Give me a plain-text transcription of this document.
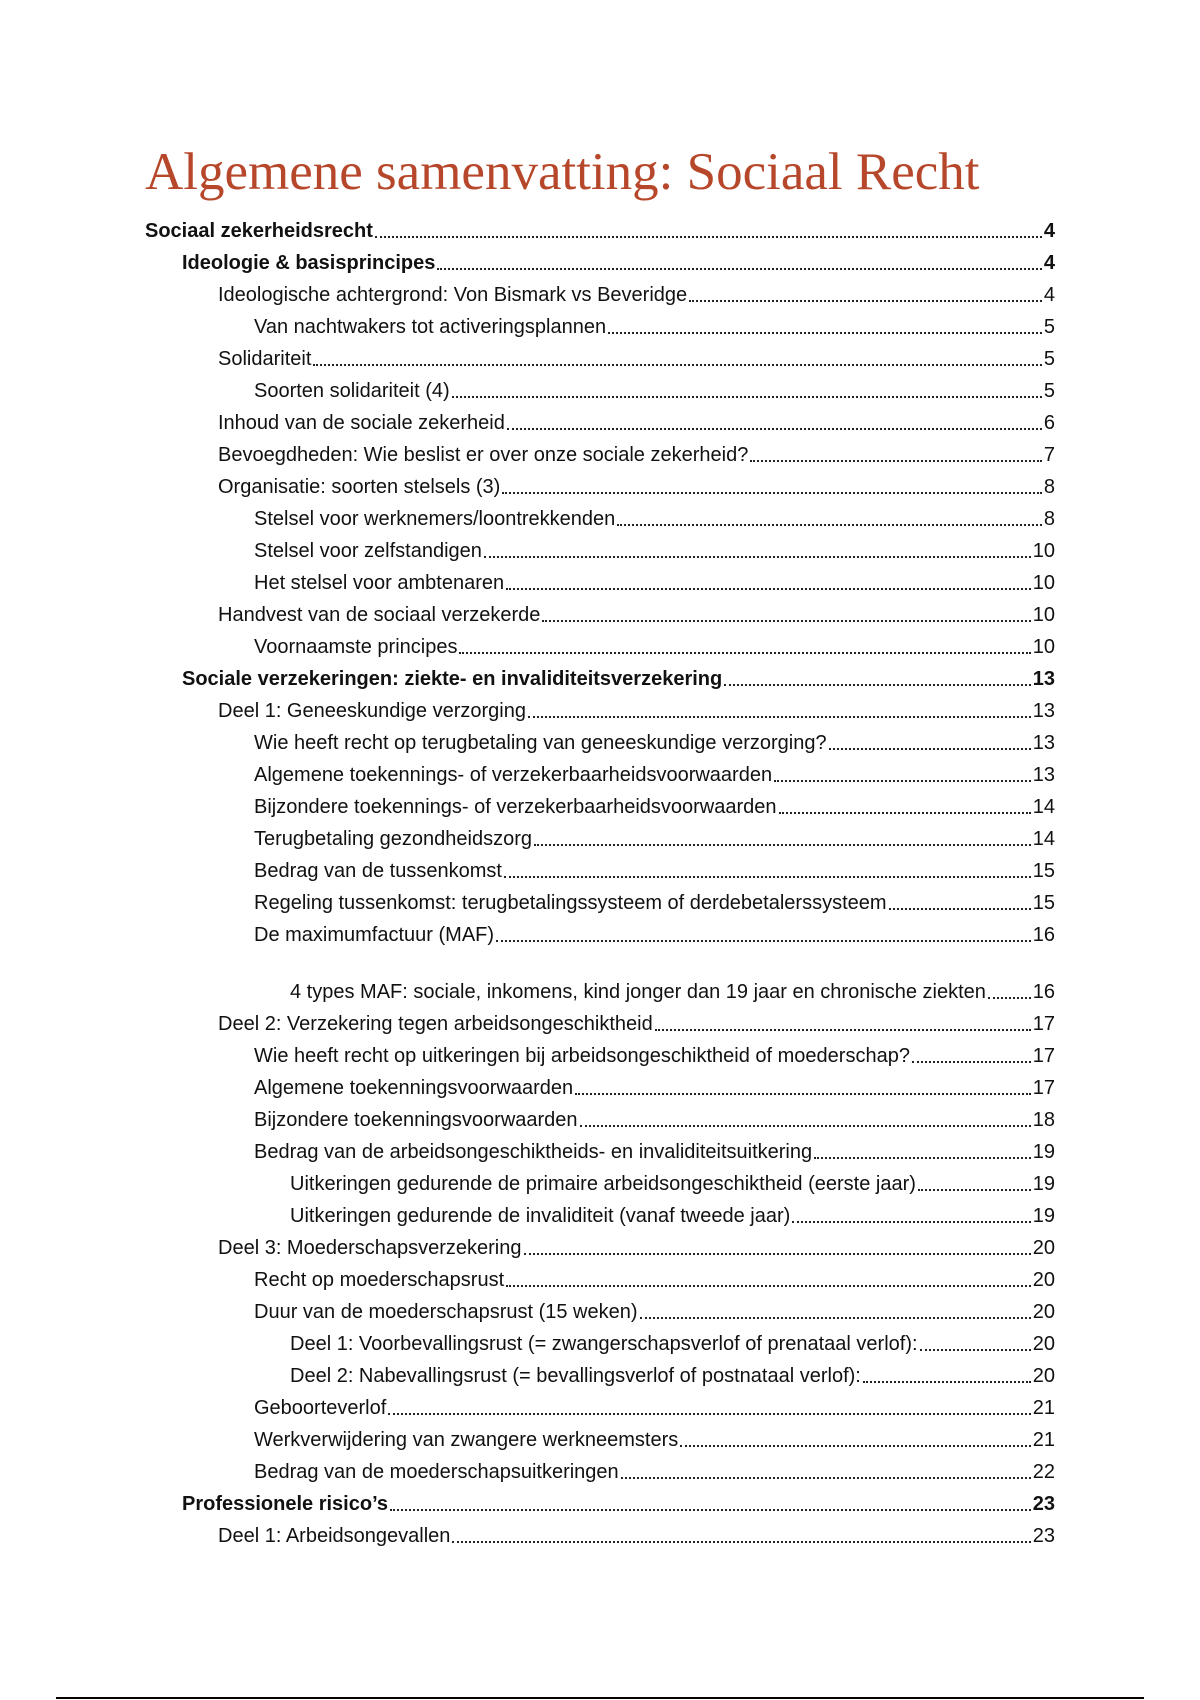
Algemene samenvatting: Sociaal Recht
Sociaal zekerheidsrecht	4
Ideologie & basisprincipes	4
Ideologische achtergrond: Von Bismark vs Beveridge	4
Van nachtwakers tot activeringsplannen	5
Solidariteit	5
Soorten solidariteit (4)	5
Inhoud van de sociale zekerheid	6
Bevoegdheden: Wie beslist er over onze sociale zekerheid?	7
Organisatie: soorten stelsels (3)	8
Stelsel voor werknemers/loontrekkenden	8
Stelsel voor zelfstandigen	10
Het stelsel voor ambtenaren	10
Handvest van de sociaal verzekerde	10
Voornaamste principes	10
Sociale verzekeringen: ziekte- en invaliditeitsverzekering	13
Deel 1: Geneeskundige verzorging	13
Wie heeft recht op terugbetaling van geneeskundige verzorging?	13
Algemene toekennings- of verzekerbaarheidsvoorwaarden	13
Bijzondere toekennings- of verzekerbaarheidsvoorwaarden	14
Terugbetaling gezondheidszorg	14
Bedrag van de tussenkomst	15
Regeling tussenkomst: terugbetalingssysteem of derdebetalerssysteem	15
De maximumfactuur (MAF)	16
4 types MAF: sociale, inkomens, kind jonger dan 19 jaar en chronische ziekten 16
Deel 2: Verzekering tegen arbeidsongeschiktheid	17
Wie heeft recht op uitkeringen bij arbeidsongeschiktheid of moederschap?	17
Algemene toekenningsvoorwaarden	17
Bijzondere toekenningsvoorwaarden	18
Bedrag van de arbeidsongeschiktheids- en invaliditeitsuitkering	19
Uitkeringen gedurende de primaire arbeidsongeschiktheid (eerste jaar)	19
Uitkeringen gedurende de invaliditeit (vanaf tweede jaar)	19
Deel 3: Moederschapsverzekering	20
Recht op moederschapsrust	20
Duur van de moederschapsrust (15 weken)	20
Deel 1: Voorbevallingsrust (= zwangerschapsverlof of prenataal verlof):	20
Deel 2: Nabevallingsrust (= bevallingsverlof of postnataal verlof):	20
Geboorteverlof	21
Werkverwijdering van zwangere werkneemsters	21
Bedrag van de moederschapsuitkeringen	22
Professionele risico’s	23
Deel 1: Arbeidsongevallen	23
